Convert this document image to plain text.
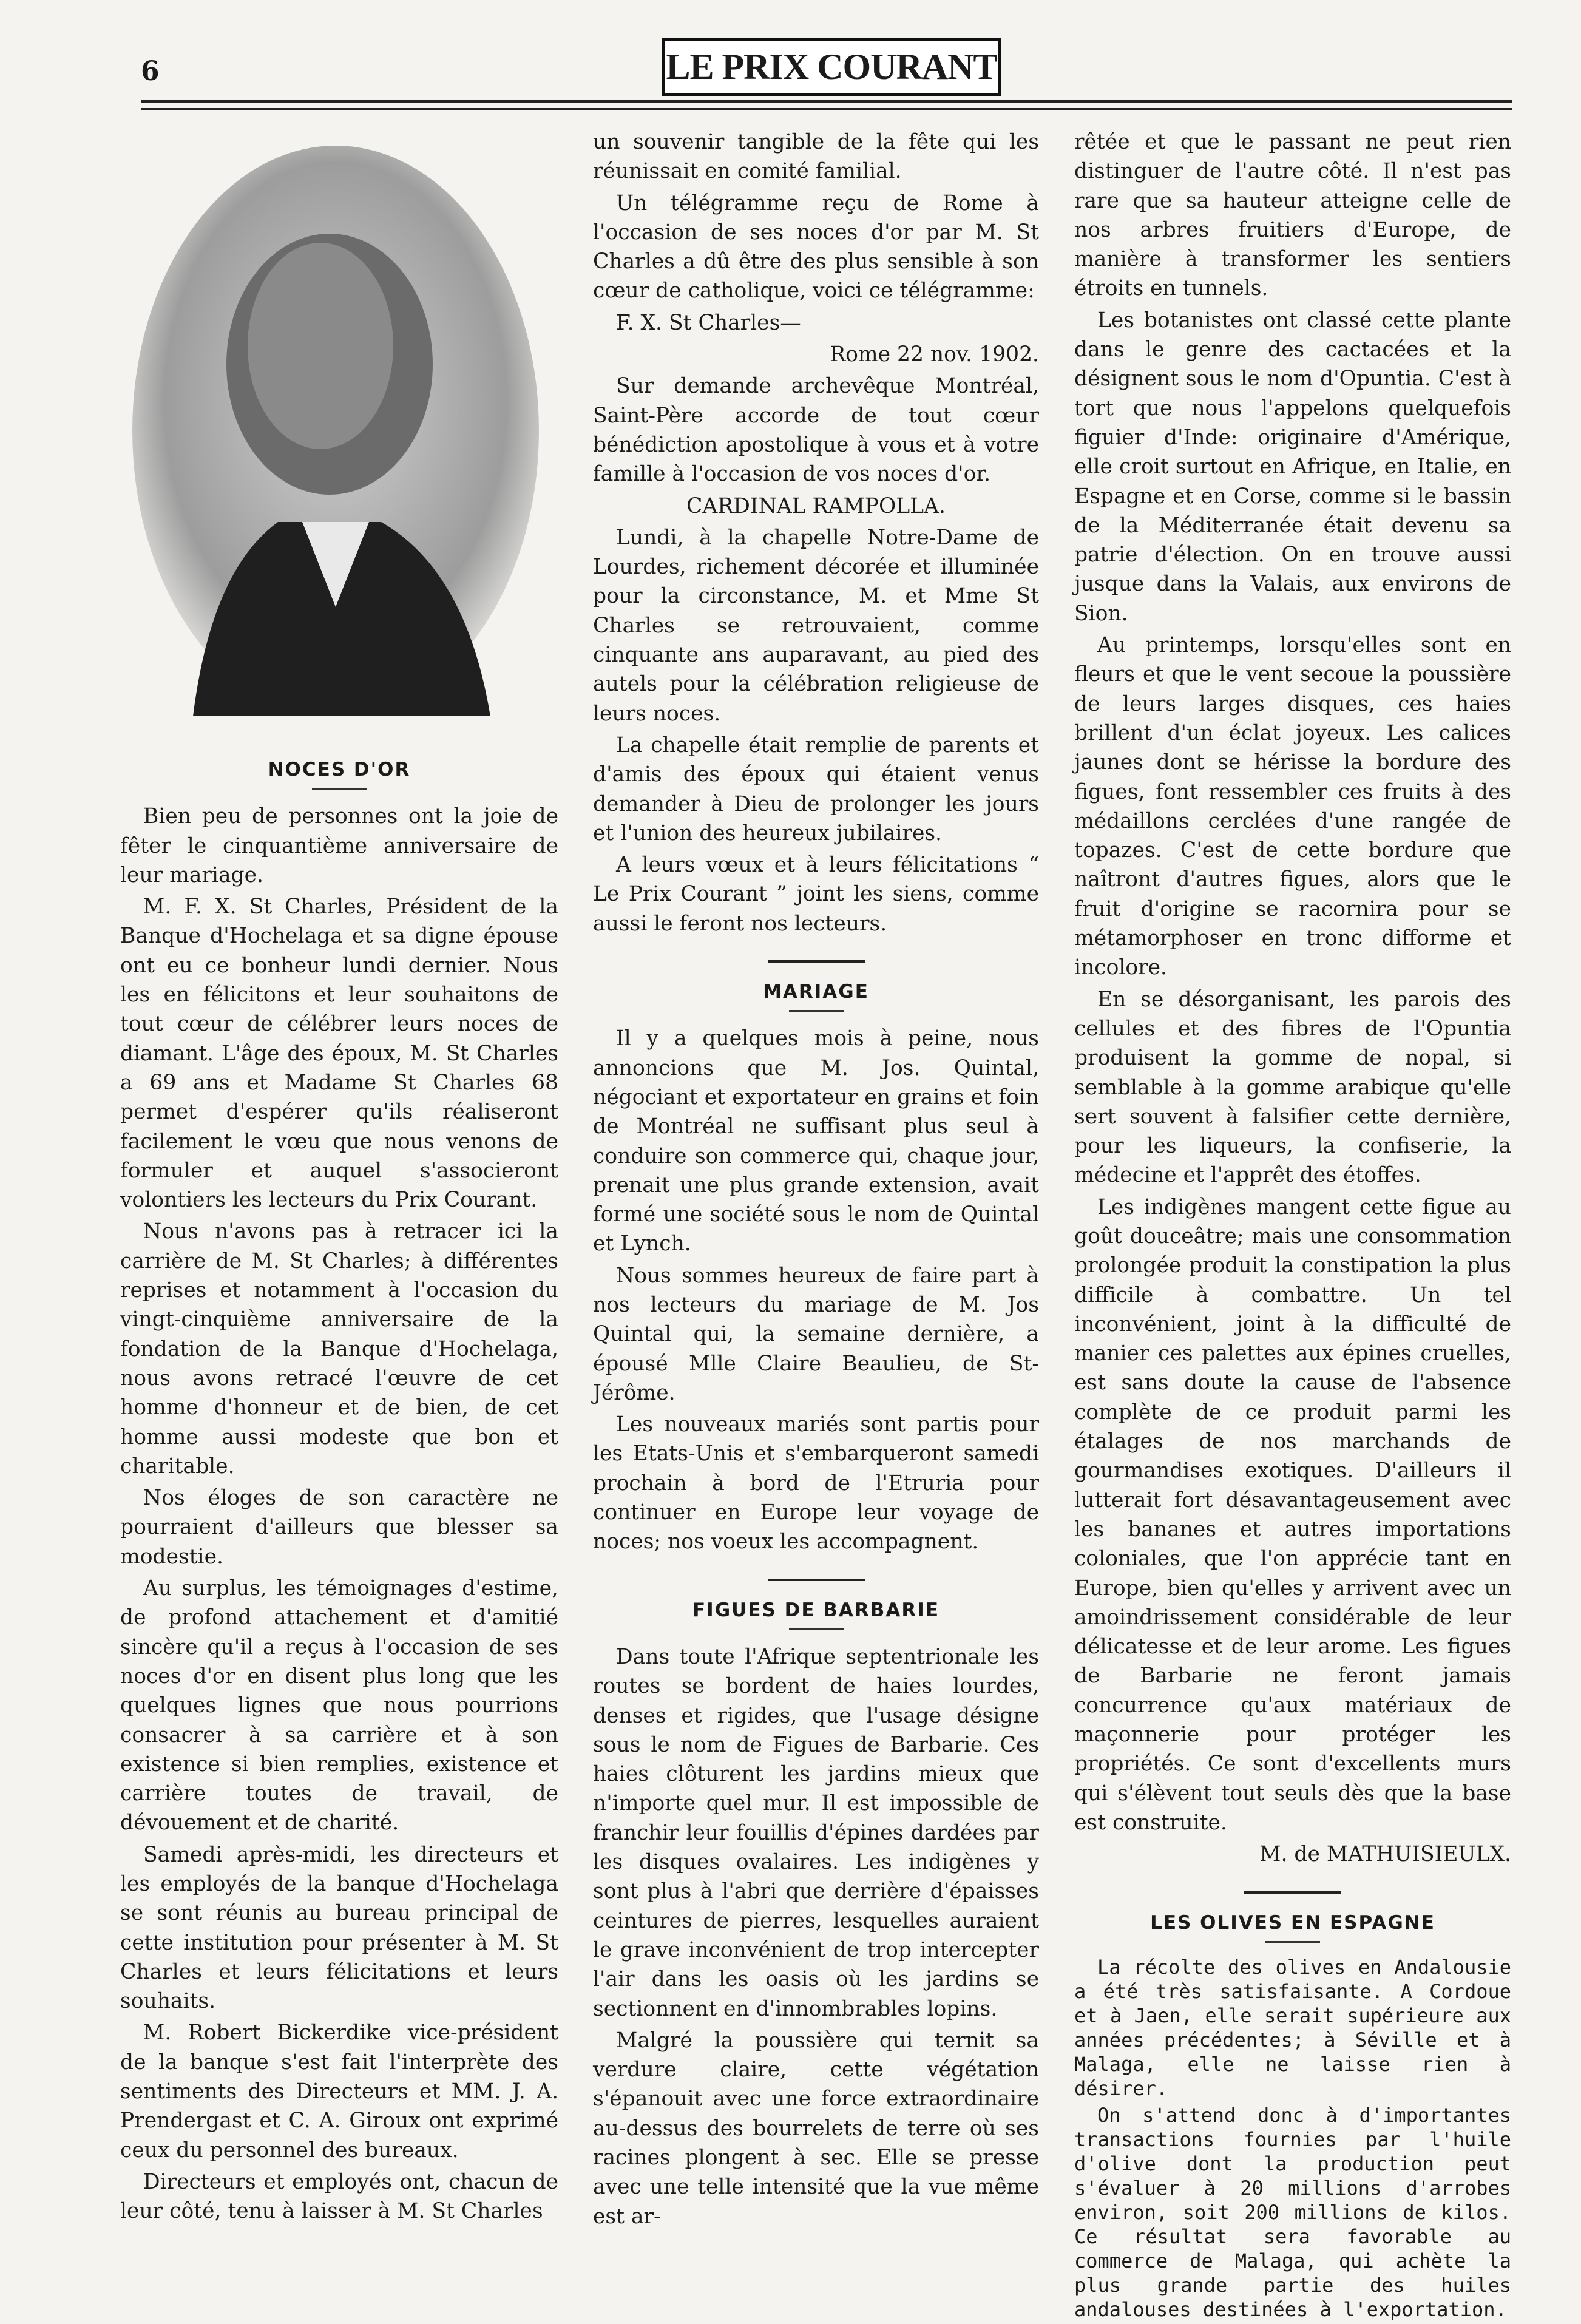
6	LE PRIX COURANT
NOCES D'OR

Bien peu de personnes ont la joie de fêter le cinquantième anniversaire de leur mariage.

M. F. X. St Charles, Président de la Banque d'Hochelaga et sa digne épouse ont eu ce bonheur lundi dernier. Nous les en félicitons et leur souhaitons de tout cœur de célébrer leurs noces de diamant. L'âge des époux, M. St Charles a 69 ans et Madame St Charles 68 permet d'espérer qu'ils réaliseront facilement le vœu que nous venons de formuler et auquel s'associeront volontiers les lecteurs du Prix Courant.

Nous n'avons pas à retracer ici la carrière de M. St Charles; à différentes reprises et notamment à l'occasion du vingt-cinquième anniversaire de la fondation de la Banque d'Hochelaga, nous avons retracé l'œuvre de cet homme d'honneur et de bien, de cet homme aussi modeste que bon et charitable.

Nos éloges de son caractère ne pourraient d'ailleurs que blesser sa modestie.

Au surplus, les témoignages d'estime, de profond attachement et d'amitié sincère qu'il a reçus à l'occasion de ses noces d'or en disent plus long que les quelques lignes que nous pourrions consacrer à sa carrière et à son existence si bien remplies, existence et carrière toutes de travail, de dévouement et de charité.

Samedi après-midi, les directeurs et les employés de la banque d'Hochelaga se sont réunis au bureau principal de cette institution pour présenter à M. St Charles et leurs félicitations et leurs souhaits.

M. Robert Bickerdike vice-président de la banque s'est fait l'interprète des sentiments des Directeurs et MM. J. A. Prendergast et C. A. Giroux ont exprimé ceux du personnel des bureaux.

Directeurs et employés ont, chacun de leur côté, tenu à laisser à M. St Charles

un souvenir tangible de la fête qui les réunissait en comité familial.

Un télégramme reçu de Rome à l'occasion de ses noces d'or par M. St Charles a dû être des plus sensible à son cœur de catholique, voici ce télégramme:

F. X. St Charles—

Rome 22 nov. 1902.

Sur demande archevêque Montréal, Saint-Père accorde de tout cœur bénédiction apostolique à vous et à votre famille à l'occasion de vos noces d'or.

CARDINAL RAMPOLLA.

Lundi, à la chapelle Notre-Dame de Lourdes, richement décorée et illuminée pour la circonstance, M. et Mme St Charles se retrouvaient, comme cinquante ans auparavant, au pied des autels pour la célébration religieuse de leurs noces.

La chapelle était remplie de parents et d'amis des époux qui étaient venus demander à Dieu de prolonger les jours et l'union des heureux jubilaires.

A leurs vœux et à leurs félicitations “ Le Prix Courant ” joint les siens, comme aussi le feront nos lecteurs.

MARIAGE

Il y a quelques mois à peine, nous annoncions que M. Jos. Quintal, négociant et exportateur en grains et foin de Montréal ne suffisant plus seul à conduire son commerce qui, chaque jour, prenait une plus grande extension, avait formé une société sous le nom de Quintal et Lynch.

Nous sommes heureux de faire part à nos lecteurs du mariage de M. Jos Quintal qui, la semaine dernière, a épousé Mlle Claire Beaulieu, de St-Jérôme.

Les nouveaux mariés sont partis pour les Etats-Unis et s'embarqueront samedi prochain à bord de l'Etruria pour continuer en Europe leur voyage de noces; nos voeux les accompagnent.

FIGUES DE BARBARIE

Dans toute l'Afrique septentrionale les routes se bordent de haies lourdes, denses et rigides, que l'usage désigne sous le nom de Figues de Barbarie. Ces haies clôturent les jardins mieux que n'importe quel mur. Il est impossible de franchir leur fouillis d'épines dardées par les disques ovalaires. Les indigènes y sont plus à l'abri que derrière d'épaisses ceintures de pierres, lesquelles auraient le grave inconvénient de trop intercepter l'air dans les oasis où les jardins se sectionnent en d'innombrables lopins.

Malgré la poussière qui ternit sa verdure claire, cette végétation s'épanouit avec une force extraordinaire au-dessus des bourrelets de terre où ses racines plongent à sec. Elle se presse avec une telle intensité que la vue même est ar-

rêtée et que le passant ne peut rien distinguer de l'autre côté. Il n'est pas rare que sa hauteur atteigne celle de nos arbres fruitiers d'Europe, de manière à transformer les sentiers étroits en tunnels.

Les botanistes ont classé cette plante dans le genre des cactacées et la désignent sous le nom d'Opuntia. C'est à tort que nous l'appelons quelquefois figuier d'Inde: originaire d'Amérique, elle croit surtout en Afrique, en Italie, en Espagne et en Corse, comme si le bassin de la Méditerranée était devenu sa patrie d'élection. On en trouve aussi jusque dans la Valais, aux environs de Sion.

Au printemps, lorsqu'elles sont en fleurs et que le vent secoue la poussière de leurs larges disques, ces haies brillent d'un éclat joyeux. Les calices jaunes dont se hérisse la bordure des figues, font ressembler ces fruits à des médaillons cerclées d'une rangée de topazes. C'est de cette bordure que naîtront d'autres figues, alors que le fruit d'origine se racornira pour se métamorphoser en tronc difforme et incolore.

En se désorganisant, les parois des cellules et des fibres de l'Opuntia produisent la gomme de nopal, si semblable à la gomme arabique qu'elle sert souvent à falsifier cette dernière, pour les liqueurs, la confiserie, la médecine et l'apprêt des étoffes.

Les indigènes mangent cette figue au goût douceâtre; mais une consommation prolongée produit la constipation la plus difficile à combattre. Un tel inconvénient, joint à la difficulté de manier ces palettes aux épines cruelles, est sans doute la cause de l'absence complète de ce produit parmi les étalages de nos marchands de gourmandises exotiques. D'ailleurs il lutterait fort désavantageusement avec les bananes et autres importations coloniales, que l'on apprécie tant en Europe, bien qu'elles y arrivent avec un amoindrissement considérable de leur délicatesse et de leur arome. Les figues de Barbarie ne feront jamais concurrence qu'aux matériaux de maçonnerie pour protéger les propriétés. Ce sont d'excellents murs qui s'élèvent tout seuls dès que la base est construite.

M. de MATHUISIEULX.

LES OLIVES EN ESPAGNE

La récolte des olives en Andalousie a été très satisfaisante. A Cordoue et à Jaen, elle serait supérieure aux années précédentes; à Séville et à Malaga, elle ne laisse rien à désirer.

On s'attend donc à d'importantes transactions fournies par l'huile d'olive dont la production peut s'évaluer à 20 millions d'arrobes environ, soit 200 millions de kilos. Ce résultat sera favorable au commerce de Malaga, qui achète la plus grande partie des huiles andalouses destinées à l'exportation.
